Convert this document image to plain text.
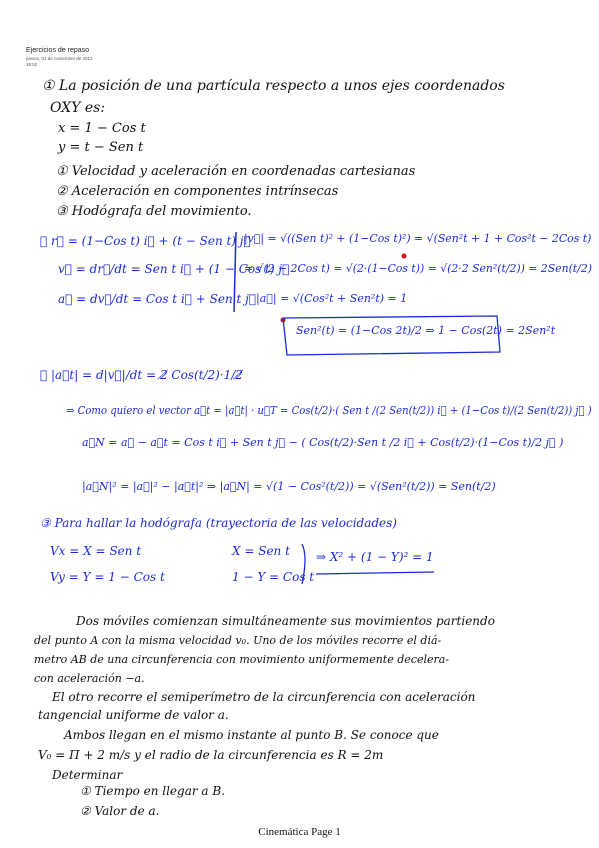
Ejercicios de repaso
jueves, 01 de noviembre de 2012
18:52
① La posición de una partícula respecto a unos ejes coordenados
OXY es:
x = 1 − Cos t
y = t − Sen t
① Velocidad y aceleración en coordenadas cartesianas
② Aceleración en componentes intrínsecas
③ Hodógrafa del movimiento.
① r⃗ = (1−Cos t) i⃗ + (t − Sen t) j⃗
v⃗ = dr⃗/dt = Sen t i⃗ + (1 − Cos t) j⃗
a⃗ = dv⃗/dt = Cos t i⃗ + Sen t j⃗
|v⃗| = √((Sen t)² + (1−Cos t)²) = √(Sen²t + 1 + Cos²t − 2Cos t)
= √(2 − 2Cos t) = √(2·(1−Cos t)) = √(2·2 Sen²(t/2)) = 2Sen(t/2)
|a⃗| = √(Cos²t + Sen²t) = 1
Sen²(t) = (1−Cos 2t)/2 ⇒ 1 − Cos(2t) = 2Sen²t
② |a⃗t| = d|v⃗|/dt = 2̸ Cos(t/2)·1/2̸
⇒ Como quiero el vector a⃗t = |a⃗t| · u⃗T = Cos(t/2)·( Sen t /(2 Sen(t/2)) i⃗ + (1−Cos t)/(2 Sen(t/2)) j⃗ )
a⃗N = a⃗ − a⃗t = Cos t i⃗ + Sen t j⃗ − ( Cos(t/2)·Sen t /2 i⃗ + Cos(t/2)·(1−Cos t)/2 j⃗ )
|a⃗N|² = |a⃗|² − |a⃗t|² ⇒ |a⃗N| = √(1 − Cos²(t/2)) = √(Sen²(t/2)) = Sen(t/2)
③ Para hallar la hodógrafa (trayectoria de las velocidades)
Vx = X = Sen t
Vy = Y = 1 − Cos t
X = Sen t
1 − Y = Cos t
⇒ X² + (1 − Y)² = 1
Dos móviles comienzan simultáneamente sus movimientos partiendo
del punto A con la misma velocidad v₀. Uno de los móviles recorre el diá-
metro AB de una circunferencia con movimiento uniformemente decelera-
con aceleración −a.
El otro recorre el semiperímetro de la circunferencia con aceleración
tangencial uniforme de valor a.
Ambos llegan en el mismo instante al punto B. Se conoce que
V₀ = Π + 2 m/s y el radio de la circunferencia es R = 2m
Determinar
① Tiempo en llegar a B.
② Valor de a.
Cinemática Page 1
